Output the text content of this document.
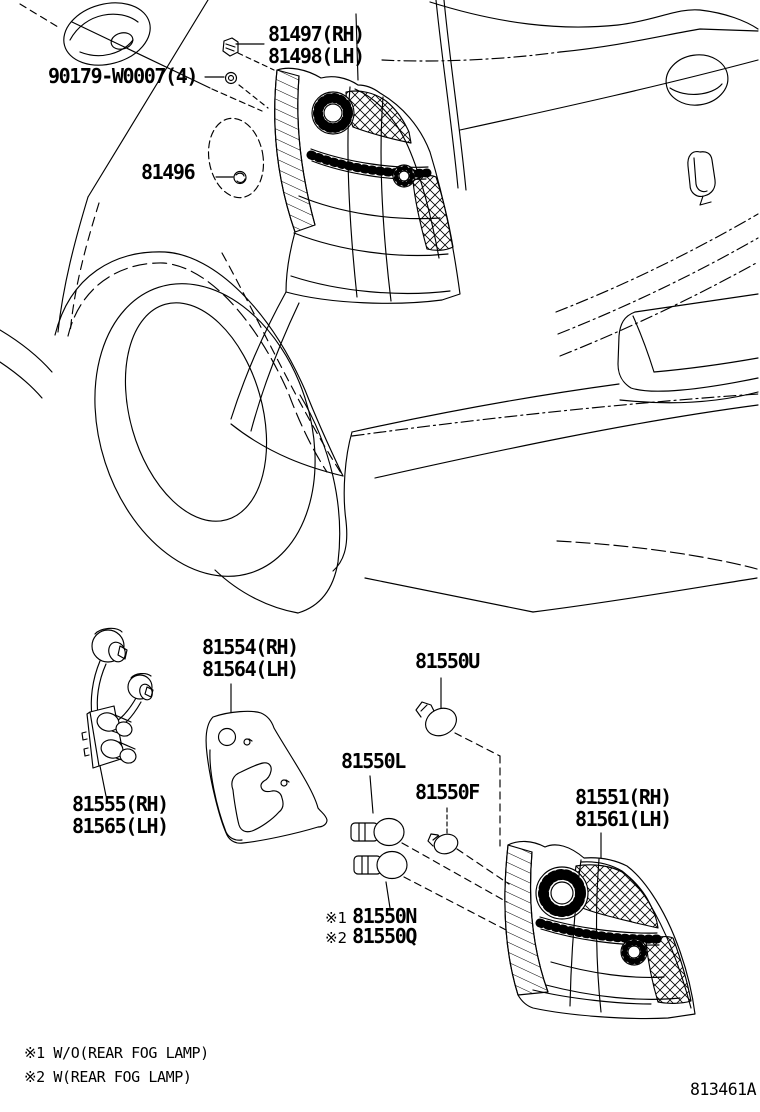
81497(RH)
81498(LH)
90179-W0007(4)
81496
81554(RH)
81564(LH)	81550U
81555(RH)
81565(LH)
81550L
81550F	81551(RH)
81561(LH)
※1 81550N
※2 81550Q
※1 W/O(REAR FOG LAMP)
※2 W(REAR FOG LAMP)
813461A
